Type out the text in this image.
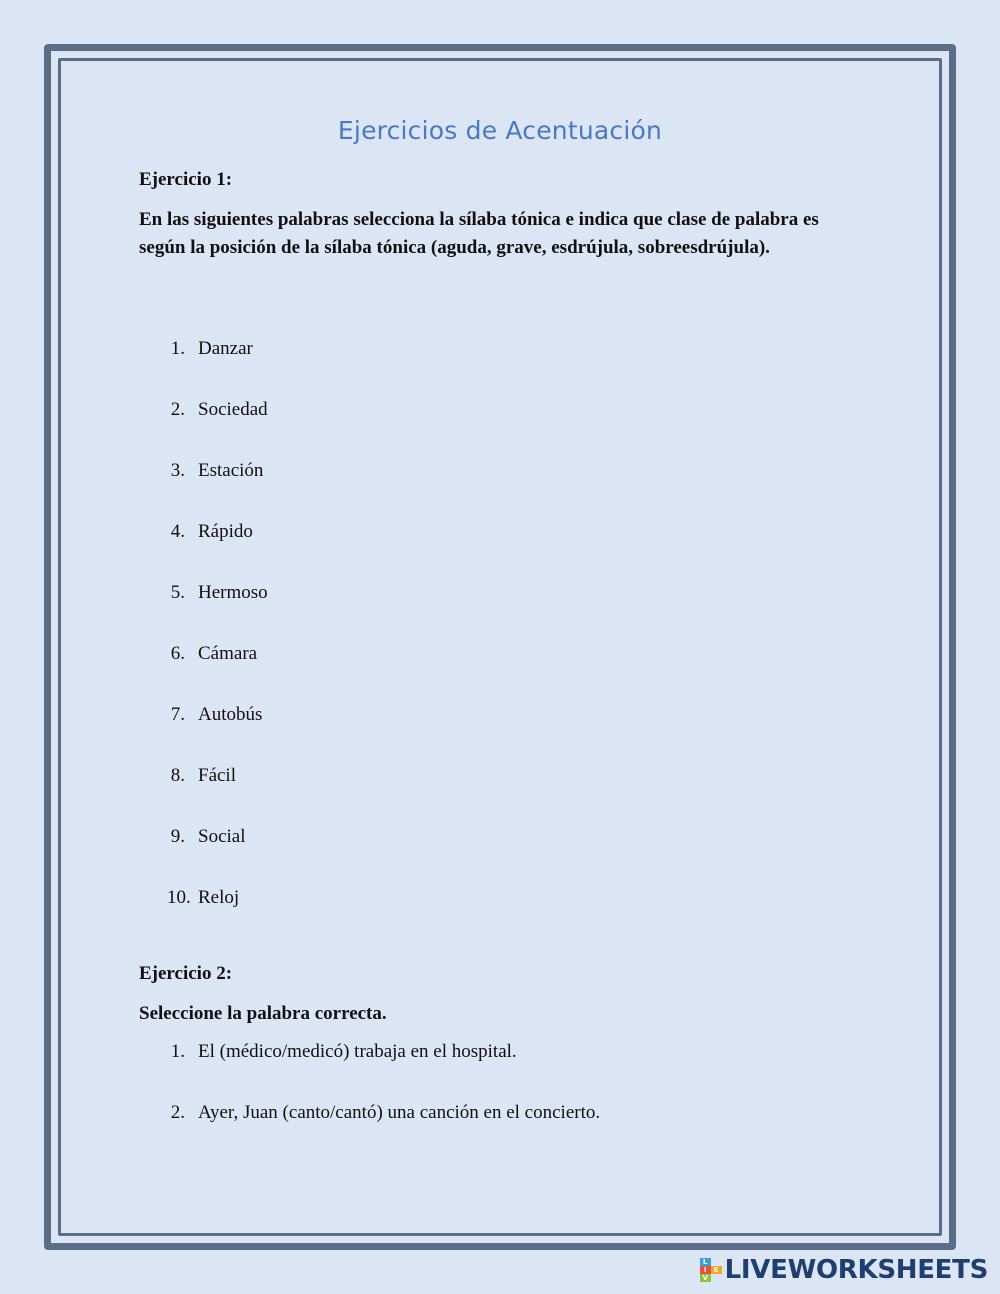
Ejercicios de Acentuación

Ejercicio 1:

En las siguientes palabras selecciona la sílaba tónica e indica que clase de palabra es según la posición de la sílaba tónica (aguda, grave, esdrújula, sobreesdrújula).

1. Danzar
2. Sociedad
3. Estación
4. Rápido
5. Hermoso
6. Cámara
7. Autobús
8. Fácil
9. Social
10. Reloj

Ejercicio 2:

Seleccione la palabra correcta.

1. El (médico/medicó) trabaja en el hospital.
2. Ayer, Juan (canto/cantó) una canción en el concierto.
L
I	E
V LIVEWORKSHEETS
